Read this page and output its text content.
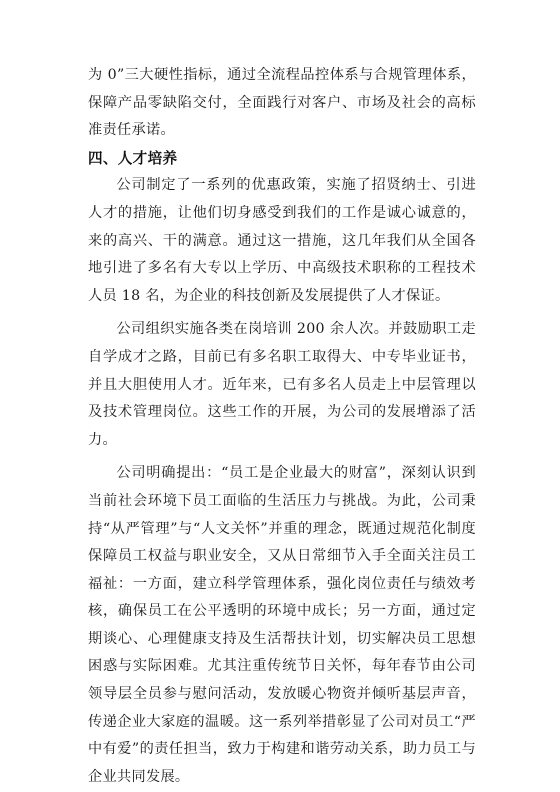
为 0”三大硬性指标，通过全流程品控体系与合规管理体系，保障产品零缺陷交付，全面践行对客户、市场及社会的高标准责任承诺。

四、人才培养

公司制定了一系列的优惠政策，实施了招贤纳士、引进人才的措施，让他们切身感受到我们的工作是诚心诚意的，来的高兴、干的满意。通过这一措施，这几年我们从全国各地引进了多名有大专以上学历、中高级技术职称的工程技术人员 18 名，为企业的科技创新及发展提供了人才保证。

公司组织实施各类在岗培训 200 余人次。并鼓励职工走自学成才之路，目前已有多名职工取得大、中专毕业证书，并且大胆使用人才。近年来，已有多名人员走上中层管理以及技术管理岗位。这些工作的开展，为公司的发展增添了活力。

公司明确提出：“员工是企业最大的财富”，深刻认识到当前社会环境下员工面临的生活压力与挑战。为此，公司秉持“从严管理”与“人文关怀”并重的理念，既通过规范化制度保障员工权益与职业安全，又从日常细节入手全面关注员工福祉：一方面，建立科学管理体系，强化岗位责任与绩效考核，确保员工在公平透明的环境中成长；另一方面，通过定期谈心、心理健康支持及生活帮扶计划，切实解决员工思想困惑与实际困难。尤其注重传统节日关怀，每年春节由公司领导层全员参与慰问活动，发放暖心物资并倾听基层声音，传递企业大家庭的温暖。这一系列举措彰显了公司对员工“严中有爱”的责任担当，致力于构建和谐劳动关系，助力员工与企业共同发展。
